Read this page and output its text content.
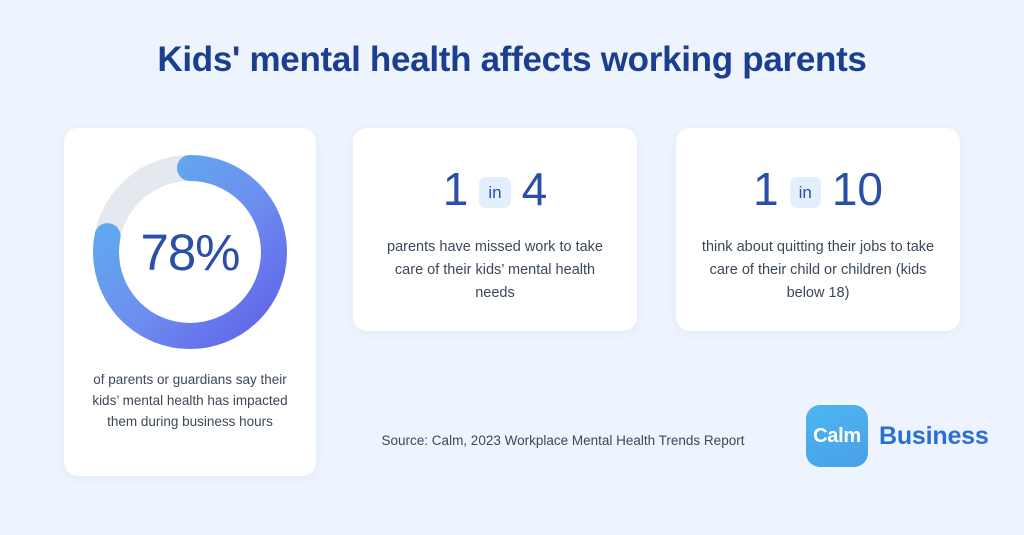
Kids' mental health affects working parents
78%
of parents or guardians say their kids’ mental health has impacted them during business hours
1	in 4
parents have missed work to take care of their kids’ mental health needs
1	in 10
think about quitting their jobs to take care of their child or children (kids below 18)
Source: Calm, 2023 Workplace Mental Health Trends Report	Calm Business
